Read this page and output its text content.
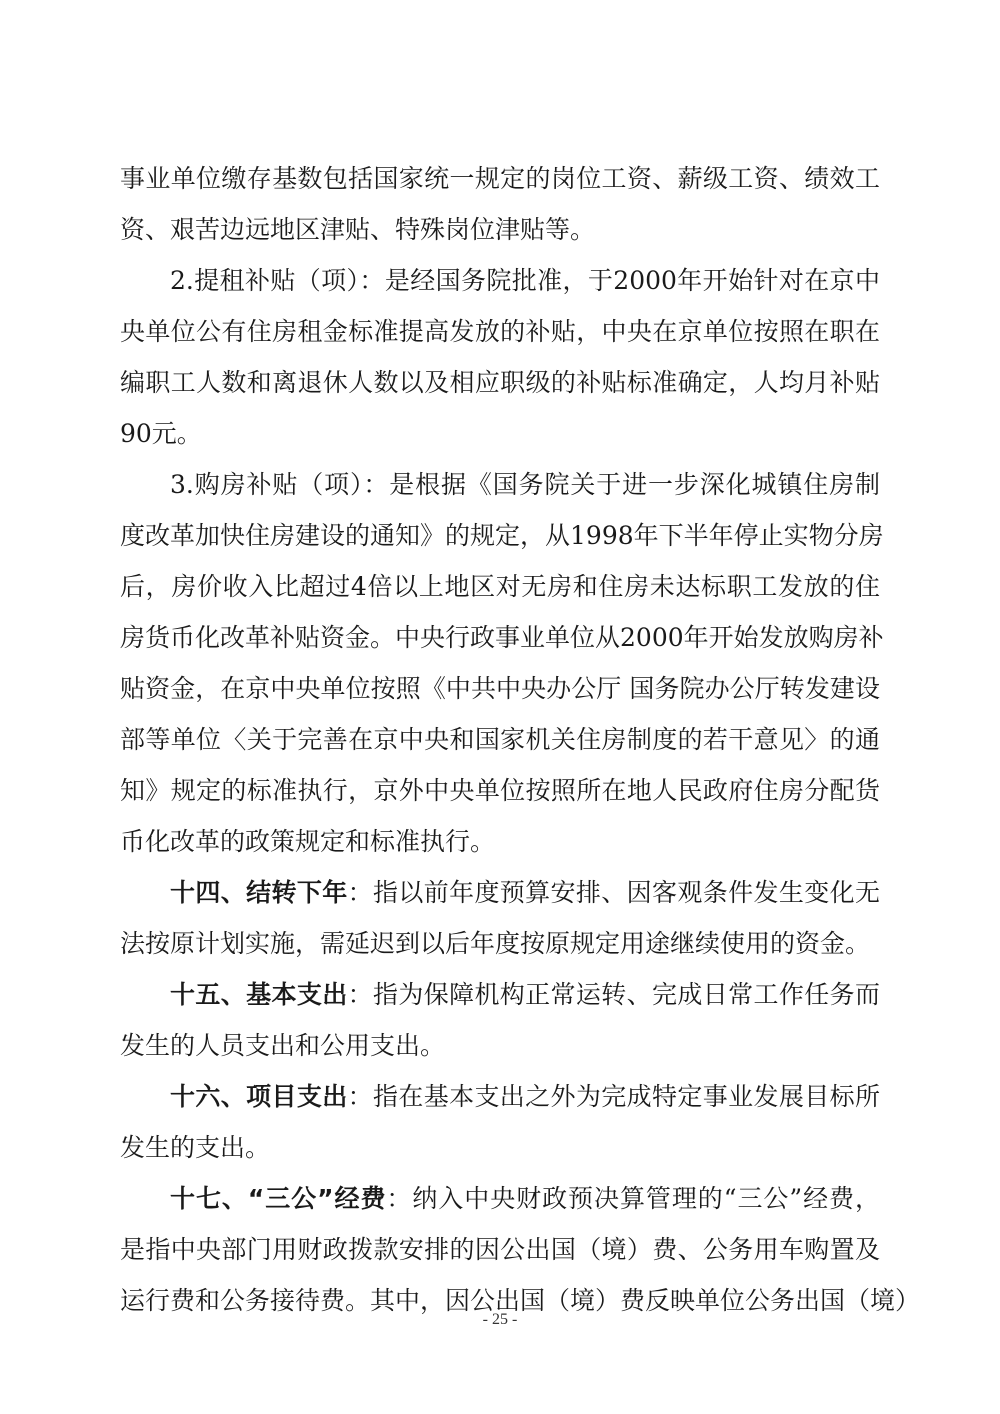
事业单位缴存基数包括国家统一规定的岗位工资、薪级工资、绩效工
资、艰苦边远地区津贴、特殊岗位津贴等。
2.提租补贴（项）：是经国务院批准，于2000年开始针对在京中
央单位公有住房租金标准提高发放的补贴，中央在京单位按照在职在
编职工人数和离退休人数以及相应职级的补贴标准确定，人均月补贴
90元。
3.购房补贴（项）：是根据《国务院关于进一步深化城镇住房制
度改革加快住房建设的通知》的规定，从1998年下半年停止实物分房
后，房价收入比超过4倍以上地区对无房和住房未达标职工发放的住
房货币化改革补贴资金。中央行政事业单位从2000年开始发放购房补
贴资金，在京中央单位按照《中共中央办公厅 国务院办公厅转发建设
部等单位〈关于完善在京中央和国家机关住房制度的若干意见〉的通
知》规定的标准执行，京外中央单位按照所在地人民政府住房分配货
币化改革的政策规定和标准执行。
十四、结转下年：指以前年度预算安排、因客观条件发生变化无
法按原计划实施，需延迟到以后年度按原规定用途继续使用的资金。
十五、基本支出：指为保障机构正常运转、完成日常工作任务而
发生的人员支出和公用支出。
十六、项目支出：指在基本支出之外为完成特定事业发展目标所
发生的支出。
十七、“三公”经费：纳入中央财政预决算管理的“三公”经费，
是指中央部门用财政拨款安排的因公出国（境）费、公务用车购置及
运行费和公务接待费。其中，因公出国（境）费反映单位公务出国（境）
- 25 -
